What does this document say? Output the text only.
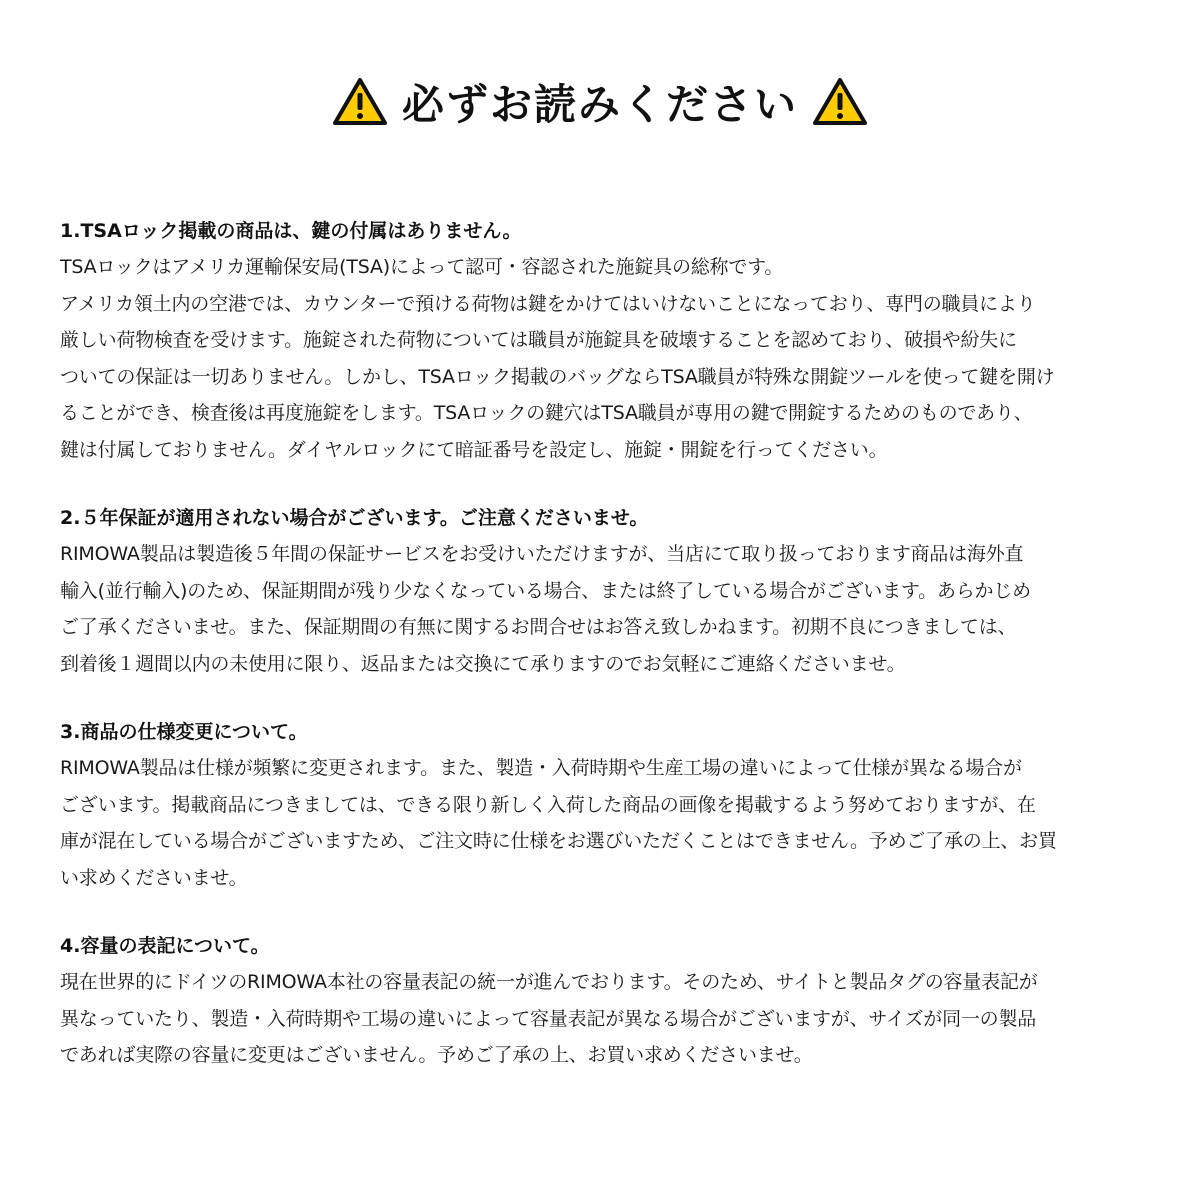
必ずお読みください
1.TSAロック掲載の商品は、鍵の付属はありません。
TSAロックはアメリカ運輸保安局(TSA)によって認可・容認された施錠具の総称です。
アメリカ領土内の空港では、カウンターで預ける荷物は鍵をかけてはいけないことになっており、専門の職員により
厳しい荷物検査を受けます。施錠された荷物については職員が施錠具を破壊することを認めており、破損や紛失に
ついての保証は一切ありません。しかし、TSAロック掲載のバッグならTSA職員が特殊な開錠ツールを使って鍵を開け
ることができ、検査後は再度施錠をします。TSAロックの鍵穴はTSA職員が専用の鍵で開錠するためのものであり、
鍵は付属しておりません。ダイヤルロックにて暗証番号を設定し、施錠・開錠を行ってください。
2.５年保証が適用されない場合がございます。ご注意くださいませ。
RIMOWA製品は製造後５年間の保証サービスをお受けいただけますが、当店にて取り扱っております商品は海外直
輸入(並行輸入)のため、保証期間が残り少なくなっている場合、または終了している場合がございます。あらかじめ
ご了承くださいませ。また、保証期間の有無に関するお問合せはお答え致しかねます。初期不良につきましては、
到着後１週間以内の未使用に限り、返品または交換にて承りますのでお気軽にご連絡くださいませ。
3.商品の仕様変更について。
RIMOWA製品は仕様が頻繁に変更されます。また、製造・入荷時期や生産工場の違いによって仕様が異なる場合が
ございます。掲載商品につきましては、できる限り新しく入荷した商品の画像を掲載するよう努めておりますが、在
庫が混在している場合がございますため、ご注文時に仕様をお選びいただくことはできません。予めご了承の上、お買
い求めくださいませ。
4.容量の表記について。
現在世界的にドイツのRIMOWA本社の容量表記の統一が進んでおります。そのため、サイトと製品タグの容量表記が
異なっていたり、製造・入荷時期や工場の違いによって容量表記が異なる場合がございますが、サイズが同一の製品
であれば実際の容量に変更はございません。予めご了承の上、お買い求めくださいませ。
